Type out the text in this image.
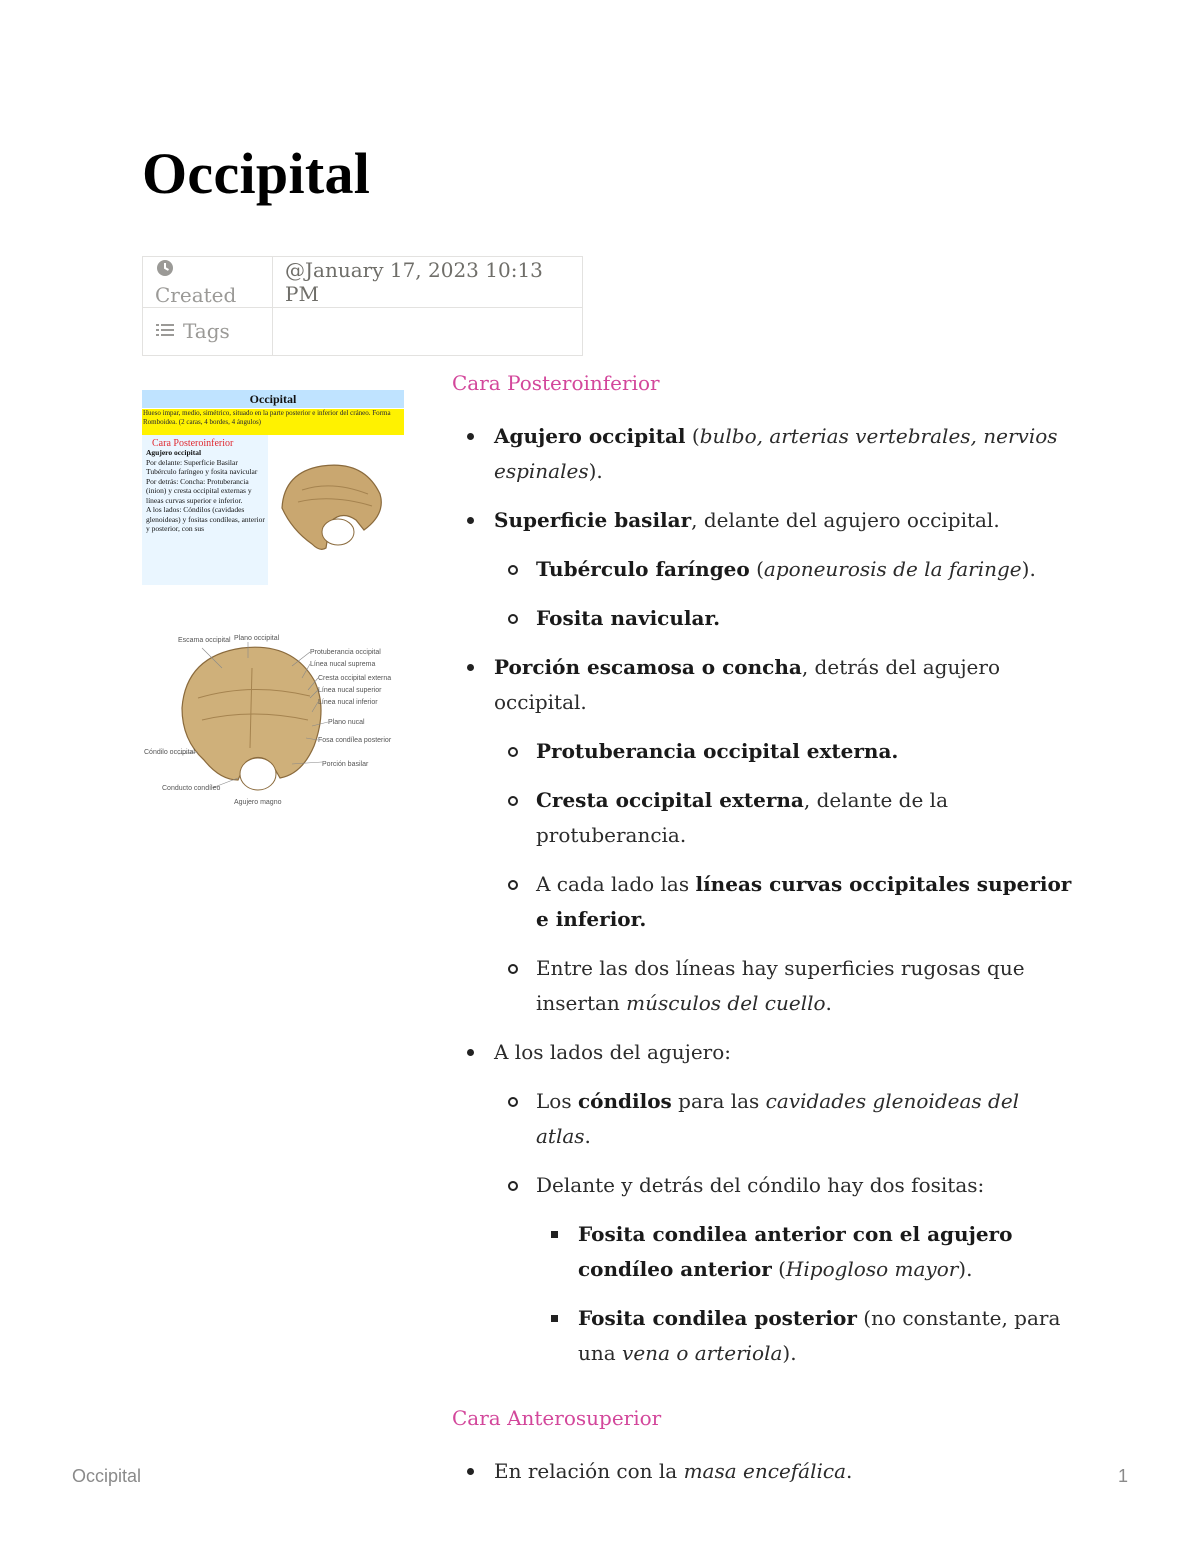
Occipital
Created	@January 17, 2023 10:13 PM
Tags	
Occipital
Hueso impar, medio, simétrico, situado en la parte posterior e inferior del cráneo. Forma Romboidea. (2 caras, 4 bordes, 4 ángulos)
Cara Posteroinferior
Agujero occipital
Por delante: Superficie Basilar Tubérculo faríngeo y fosita navicular
Por detrás: Concha: Protuberancia (inion) y cresta occipital externas y líneas curvas superior e inferior.
A los lados: Cóndilos (cavidades glenoideas) y fositas condíleas, anterior y posterior, con sus
Escama occipital Plano occipital
Protuberancia occipital
Línea nucal suprema
Cresta occipital externa
Línea nucal superior
Línea nucal inferior
Plano nucal
Fosa condílea posterior
Agujero magno
Cóndilo occipital
Conducto condíleo
Porción basilar
Cara Posteroinferior
Agujero occipital (bulbo, arterias vertebrales, nervios espinales).
Superficie basilar, delante del agujero occipital.
Tubérculo faríngeo (aponeurosis de la faringe).
Fosita navicular.
Porción escamosa o concha, detrás del agujero occipital.
Protuberancia occipital externa.
Cresta occipital externa, delante de la protuberancia.
A cada lado las líneas curvas occipitales superior e inferior.
Entre las dos líneas hay superficies rugosas que insertan músculos del cuello.
A los lados del agujero:
Los cóndilos para las cavidades glenoideas del atlas.
Delante y detrás del cóndilo hay dos fositas:
Fosita condilea anterior con el agujero condíleo anterior (Hipogloso mayor).
Fosita condilea posterior (no constante, para una vena o arteriola).
Cara Anterosuperior
En relación con la masa encefálica.
Occipital	1
